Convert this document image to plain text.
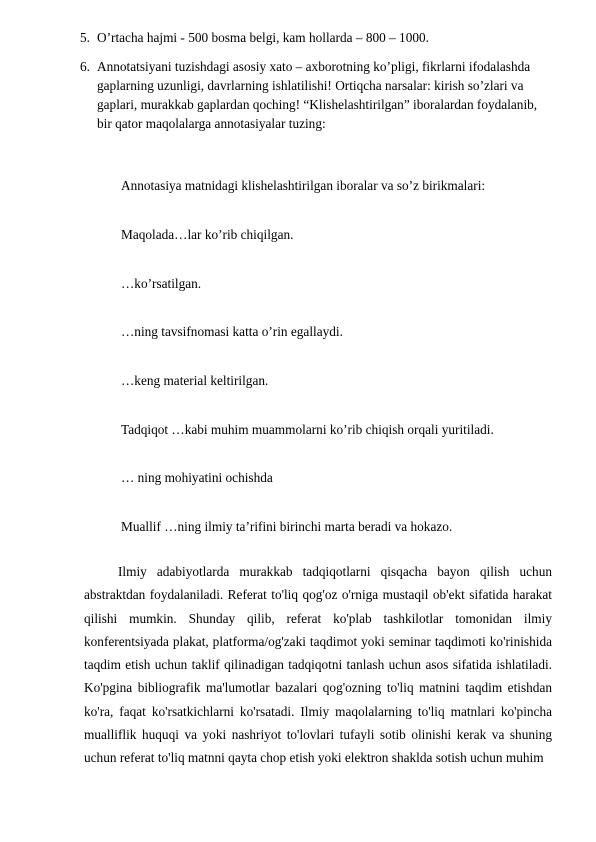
5. O’rtacha hajmi - 500 bosma belgi, kam hollarda – 800 – 1000.
6. Annotatsiyani tuzishdagi asosiy xato – axborotning ko’pligi, fikrlarni ifodalashda gaplarning uzunligi, davrlarning ishlatilishi! Ortiqcha narsalar: kirish so’zlari va gaplari, murakkab gaplardan qoching! “Klishelashtirilgan” iboralardan foydalanib, bir qator maqolalarga annotasiyalar tuzing:
Annotasiya matnidagi klishelashtirilgan iboralar va so’z birikmalari:
Maqolada…lar ko’rib chiqilgan.
…ko’rsatilgan.
…ning tavsifnomasi katta o’rin egallaydi.
…keng material keltirilgan.
Tadqiqot …kabi muhim muammolarni ko’rib chiqish orqali yuritiladi.
… ning mohiyatini ochishda
Muallif …ning ilmiy ta’rifini birinchi marta beradi va hokazo.

Ilmiy adabiyotlarda murakkab tadqiqotlarni qisqacha bayon qilish uchun abstraktdan foydalaniladi. Referat to'liq qog'oz o'rniga mustaqil ob'ekt sifatida harakat qilishi mumkin. Shunday qilib, referat ko'plab tashkilotlar tomonidan ilmiy konferentsiyada plakat, platforma/og'zaki taqdimot yoki seminar taqdimoti ko'rinishida taqdim etish uchun taklif qilinadigan tadqiqotni tanlash uchun asos sifatida ishlatiladi. Ko'pgina bibliografik ma'lumotlar bazalari qog'ozning to'liq matnini taqdim etishdan ko'ra, faqat ko'rsatkichlarni ko'rsatadi. Ilmiy maqolalarning to'liq matnlari ko'pincha mualliflik huquqi va yoki nashriyot to'lovlari tufayli sotib olinishi kerak va shuning uchun referat to'liq matnni qayta chop etish yoki elektron shaklda sotish uchun muhim
